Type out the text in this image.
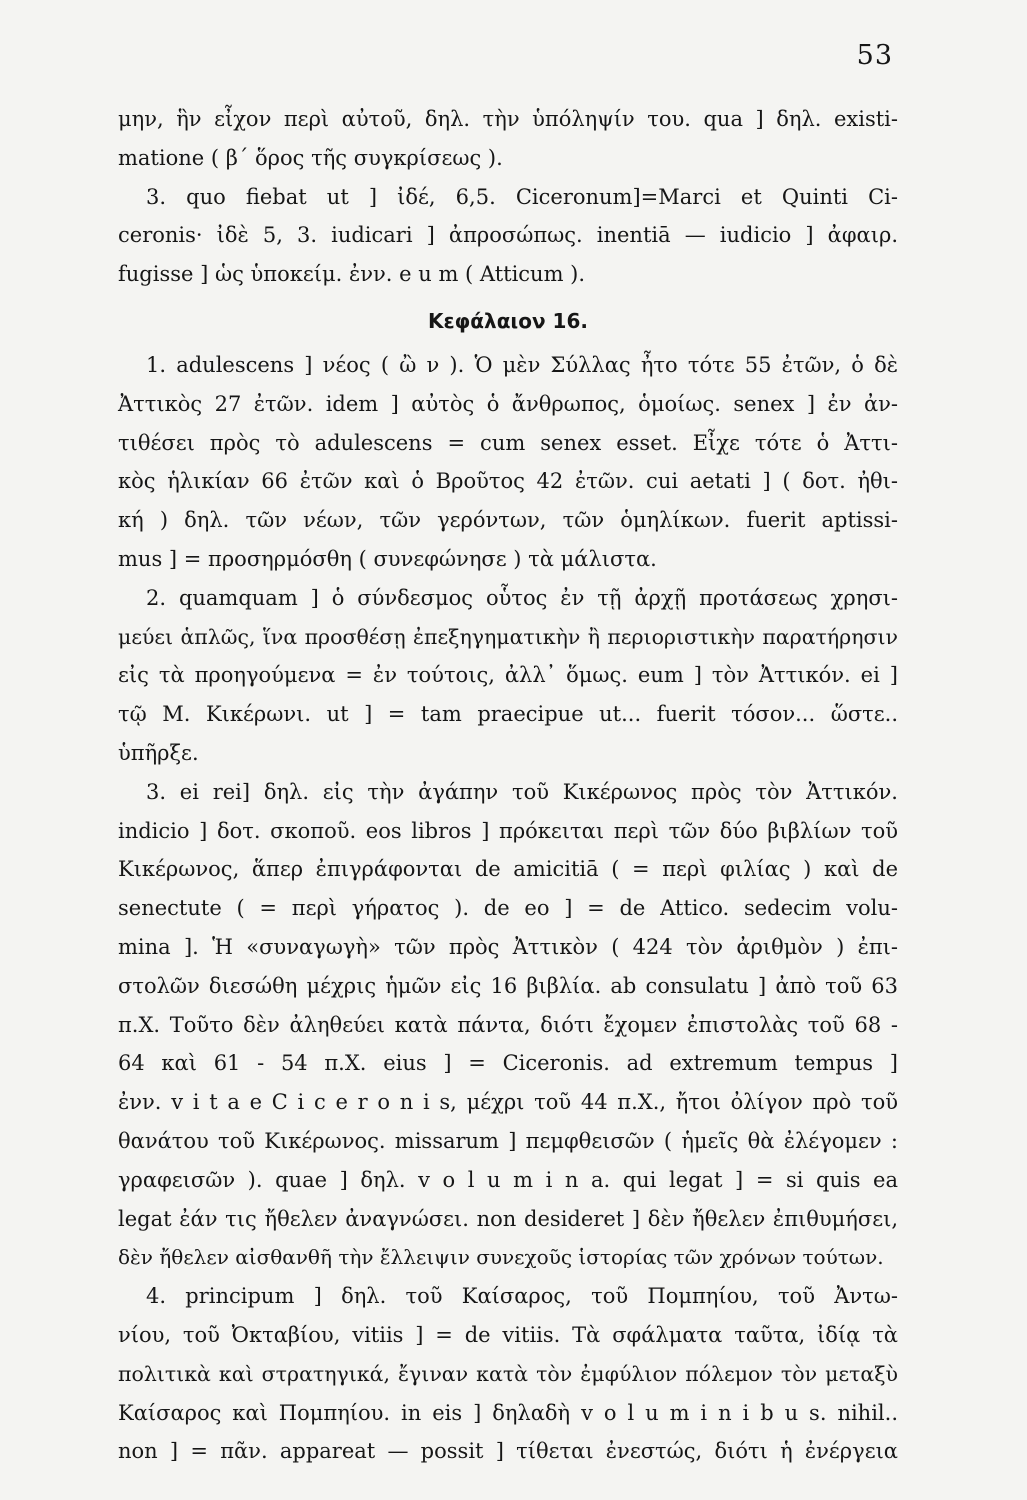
53
μην, ἣν εἶχον περὶ αὐτοῦ, δηλ. τὴν ὑπόληψίν του. qua ] δηλ. existi-
matione ( β΄ ὅρος τῆς συγκρίσεως ).
3. quo fiebat ut ] ἰδέ, 6,5. Ciceronum]=Marci et Quinti Ci-
ceronis· ἰδὲ 5, 3. iudicari ] ἀπροσώπως. inentiā — iudicio ] ἀφαιρ.
fugisse ] ὡς ὑποκείμ. ἐνν. e u m ( Atticum ).
Κεφάλαιον 16.
1. adulescens ] νέος ( ὢ ν ). Ὁ μὲν Σύλλας ἦτο τότε 55 ἐτῶν, ὁ δὲ
Ἀττικὸς 27 ἐτῶν. idem ] αὐτὸς ὁ ἄνθρωπος, ὁμοίως. senex ] ἐν ἀν-
τιθέσει πρὸς τὸ adulescens = cum senex esset. Εἶχε τότε ὁ Ἀττι-
κὸς ἡλικίαν 66 ἐτῶν καὶ ὁ Βροῦτος 42 ἐτῶν. cui aetati ] ( δοτ. ἠθι-
κή ) δηλ. τῶν νέων, τῶν γερόντων, τῶν ὁμηλίκων. fuerit aptissi-
mus ] = προσηρμόσθη ( συνεφώνησε ) τὰ μάλιστα.
2. quamquam ] ὁ σύνδεσμος οὗτος ἐν τῇ ἀρχῇ προτάσεως χρησι-
μεύει ἁπλῶς, ἵνα προσθέσῃ ἐπεξηγηματικὴν ἢ περιοριστικὴν παρατήρησιν
εἰς τὰ προηγούμενα = ἐν τούτοις, ἀλλ᾽ ὅμως. eum ] τὸν Ἀττικόν. ei ]
τῷ Μ. Κικέρωνι. ut ] = tam praecipue ut... fuerit τόσον... ὥστε..
ὑπῆρξε.
3. ei rei] δηλ. εἰς τὴν ἀγάπην τοῦ Κικέρωνος πρὸς τὸν Ἀττικόν.
indicio ] δοτ. σκοποῦ. eos libros ] πρόκειται περὶ τῶν δύο βιβλίων τοῦ
Κικέρωνος, ἅπερ ἐπιγράφονται de amicitiā ( = περὶ φιλίας ) καὶ de
senectute ( = περὶ γήρατος ). de eo ] = de Attico. sedecim volu-
mina ]. Ἡ «συναγωγὴ» τῶν πρὸς Ἀττικὸν ( 424 τὸν ἀριθμὸν ) ἐπι-
στολῶν διεσώθη μέχρις ἡμῶν εἰς 16 βιβλία. ab consulatu ] ἀπὸ τοῦ 63
π.Χ. Τοῦτο δὲν ἀληθεύει κατὰ πάντα, διότι ἔχομεν ἐπιστολὰς τοῦ 68 -
64 καὶ 61 - 54 π.Χ. eius ] = Ciceronis. ad extremum tempus ]
ἐνν. v i t a e C i c e r o n i s, μέχρι τοῦ 44 π.Χ., ἤτοι ὀλίγον πρὸ τοῦ
θανάτου τοῦ Κικέρωνος. missarum ] πεμφθεισῶν ( ἡμεῖς θὰ ἐλέγομεν :
γραφεισῶν ). quae ] δηλ. v o l u m i n a. qui legat ] = si quis ea
legat ἐάν τις ἤθελεν ἀναγνώσει. non desideret ] δὲν ἤθελεν ἐπιθυμήσει,
δὲν ἤθελεν αἰσθανθῆ τὴν ἔλλειψιν συνεχοῦς ἱστορίας τῶν χρόνων τούτων.
4. principum ] δηλ. τοῦ Καίσαρος, τοῦ Πομπηίου, τοῦ Ἀντω-
νίου, τοῦ Ὀκταβίου, vitiis ] = de vitiis. Τὰ σφάλματα ταῦτα, ἰδίᾳ τὰ
πολιτικὰ καὶ στρατηγικά, ἔγιναν κατὰ τὸν ἐμφύλιον πόλεμον τὸν μεταξὺ
Καίσαρος καὶ Πομπηίου. in eis ] δηλαδὴ v o l u m i n i b u s. nihil..
non ] = πᾶν. appareat — possit ] τίθεται ἐνεστώς, διότι ἡ ἐνέργεια
